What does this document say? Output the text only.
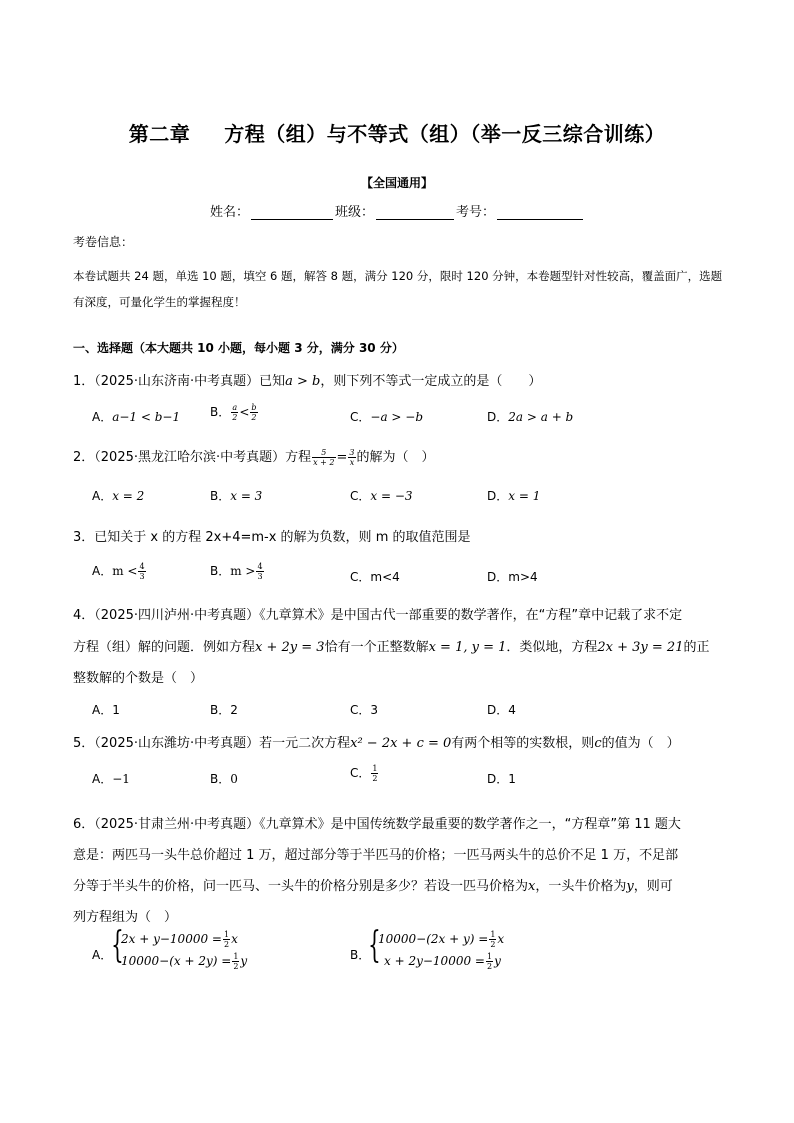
第二章 方程（组）与不等式（组）（举一反三综合训练）
【全国通用】
姓名：	班级：	考号：
考卷信息：
本卷试题共 24 题，单选 10 题，填空 6 题，解答 8 题，满分 120 分，限时 120 分钟，本卷题型针对性较高，覆盖面广，选题有深度，可量化学生的掌握程度！
一、选择题（本大题共 10 小题，每小题 3 分，满分 30 分）
1．（2025·山东济南·中考真题）已知a > b，则下列不等式一定成立的是（　　）
A．a−1 < b−1 B． $\frac{a}{2} < \frac{b}{2}$	C．−a > −b	D．2a > a + b
2．（2025·黑龙江哈尔滨·中考真题）方程 $\frac{5}{x + 2} = \frac{3}{x}$ 的解为（　）
A．x = 2	B．x = 3	C．x = −3	D．x = 1
3．已知关于 x 的方程 2x+4=m-x 的解为负数，则 m 的取值范围是
A．$m < \frac{4}{3}$	B．$m > \frac{4}{3}$	C．m<4	D．m>4
4．（2025·四川泸州·中考真题）《九章算术》是中国古代一部重要的数学著作，在“方程”章中记载了求不定
方程（组）解的问题．例如方程x + 2y = 3恰有一个正整数解x = 1, y = 1．类似地，方程2x + 3y = 21的正
整数解的个数是（　）
A．1	B．2	C．3	D．4
5．（2025·山东潍坊·中考真题）若一元二次方程x² − 2x + c = 0有两个相等的实数根，则c的值为（　）
A．−1	B．0	C． $\frac{1}{2}$	D．1
6．（2025·甘肃兰州·中考真题）《九章算术》是中国传统数学最重要的数学著作之一，“方程章”第 11 题大
意是：两匹马一头牛总价超过 1 万，超过部分等于半匹马的价格；一匹马两头牛的总价不足 1 万，不足部
分等于半头牛的价格，问一匹马、一头牛的价格分别是多少？若设一匹马价格为x，一头牛价格为y，则可
列方程组为（　）
A．
{
$2x + y-10000 = \frac{1}{2}$ x
$10000-(x + 2y) = \frac{1}{2}$ y	B．
{
$10000-(2x + y) = \frac{1}{2}$ x
$x + 2y-10000 = \frac{1}{2}$ y
